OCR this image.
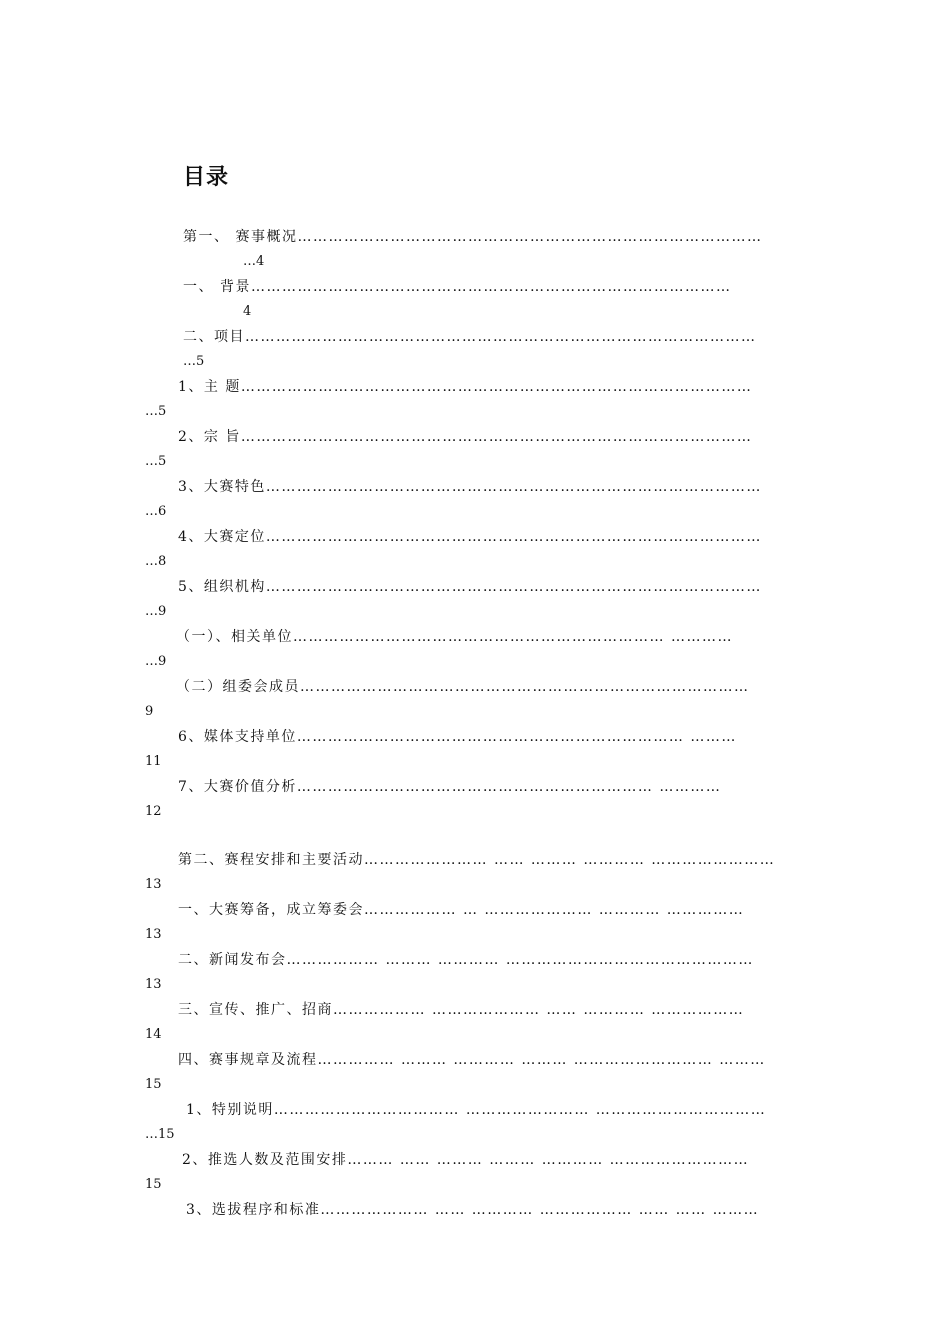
目录
第一、 赛事概况………………………………………………………………………………
…4
一、 背景…………………………………………………………………………………
4
二、项目………………………………………………………………………………………
…5
1、主 题………………………………………………………………………………………
…5
2、宗 旨………………………………………………………………………………………
…5
3、大赛特色……………………………………………………………………………………
…6
4、大赛定位……………………………………………………………………………………
…8
5、组织机构……………………………………………………………………………………
…9
（一）、相关单位……………………………………………………………… …………
…9
（二）组委会成员……………………………………………………………………………
9
6、媒体支持单位………………………………………………………………… ………
11
7、大赛价值分析…………………………………………………………… …………
12
第二、赛程安排和主要活动…………………… …… ……… ………… ……………………
13
一、大赛筹备，成立筹委会……………… … ………………… ………… ……………
13
二、新闻发布会……………… ……… ………… …………………………………………
13
三、宣传、推广、招商……………… ………………… …… ………… ………………
14
四、赛事规章及流程…………… ……… ………… ……… ……………………… ………
15
1、特别说明……………………………… …………………… ……………………………
…15
2、推选人数及范围安排……… …… ……… ……… ………… ………………………
15
3、选拔程序和标准………………… …… ………… ……………… …… …… ………
